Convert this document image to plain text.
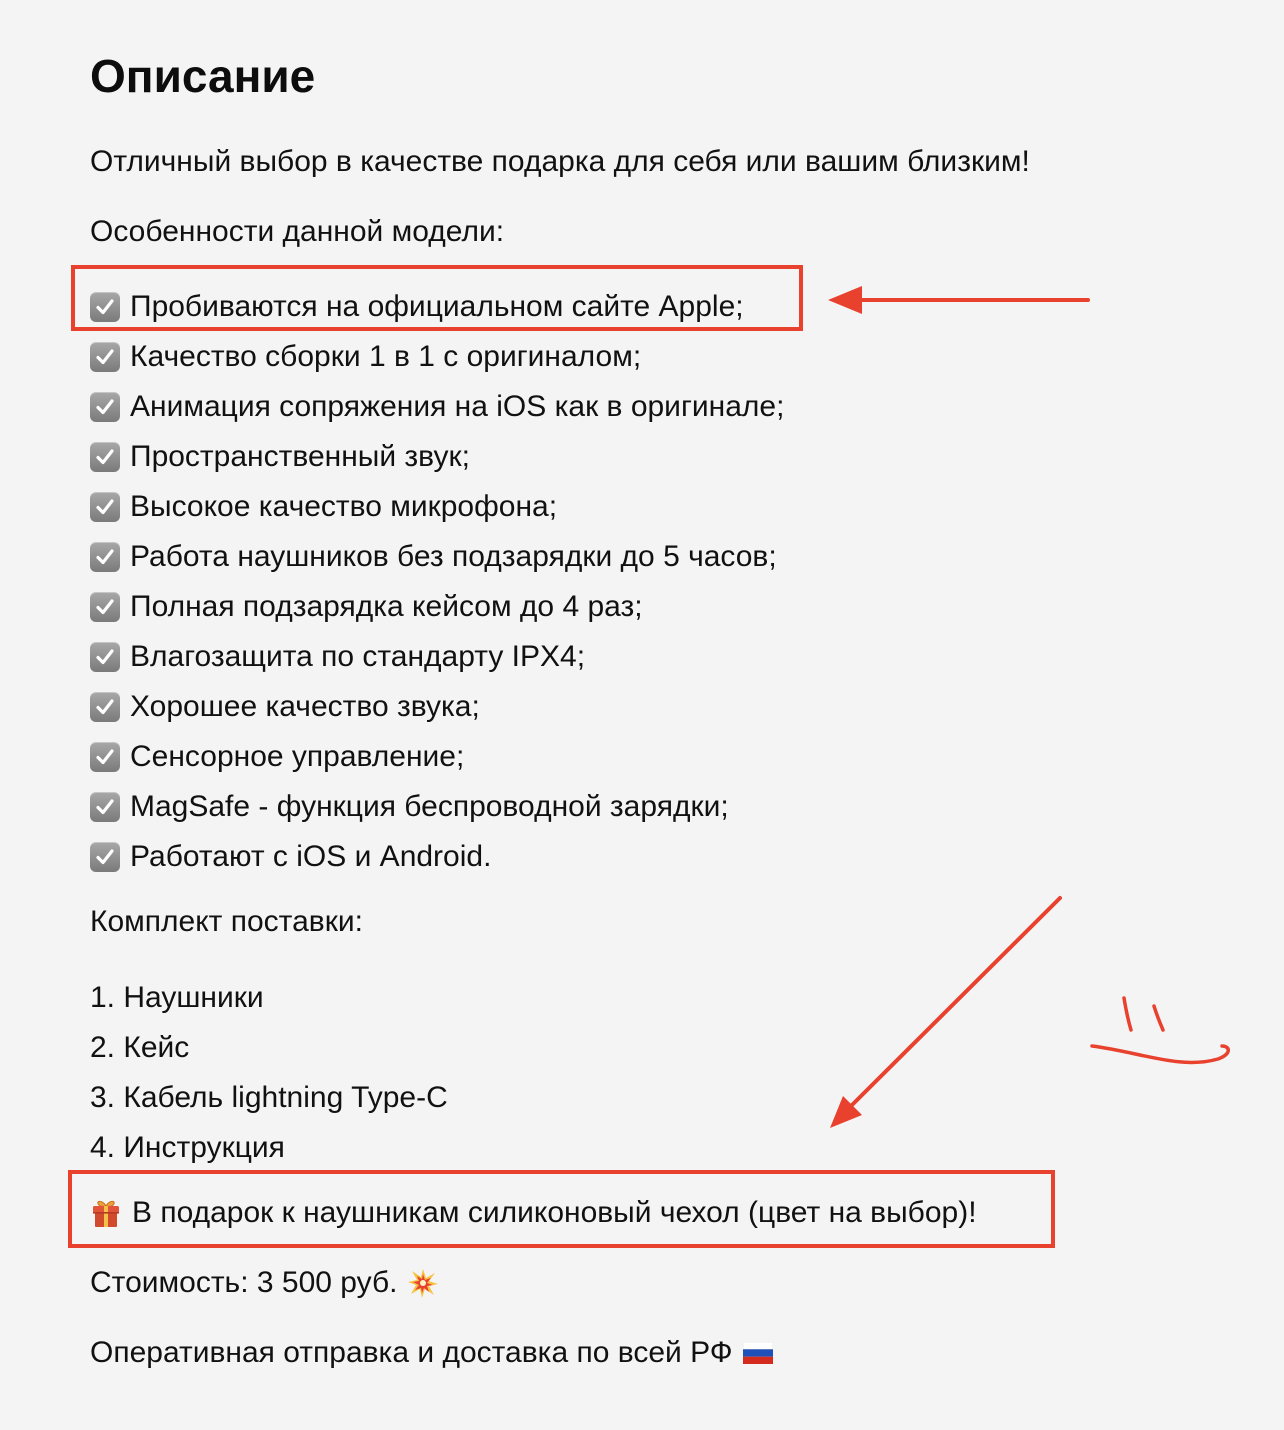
Описание
Отличный выбор в качестве подарка для себя или вашим близким!
Особенности данной модели:
Пробиваются на официальном сайте Apple;
Качество сборки 1 в 1 с оригиналом;
Анимация сопряжения на iOS как в оригинале;
Пространственный звук;
Высокое качество микрофона;
Работа наушников без подзарядки до 5 часов;
Полная подзарядка кейсом до 4 раз;
Влагозащита по стандарту IPX4;
Хорошее качество звука;
Сенсорное управление;
MagSafe - функция беспроводной зарядки;
Работают с iOS и Android.
Комплект поставки:
1. Наушники
2. Кейс
3. Кабель lightning Type-C
4. Инструкция
В подарок к наушникам силиконовый чехол (цвет на выбор)!
Стоимость: 3 500 руб.
Оперативная отправка и доставка по всей РФ
